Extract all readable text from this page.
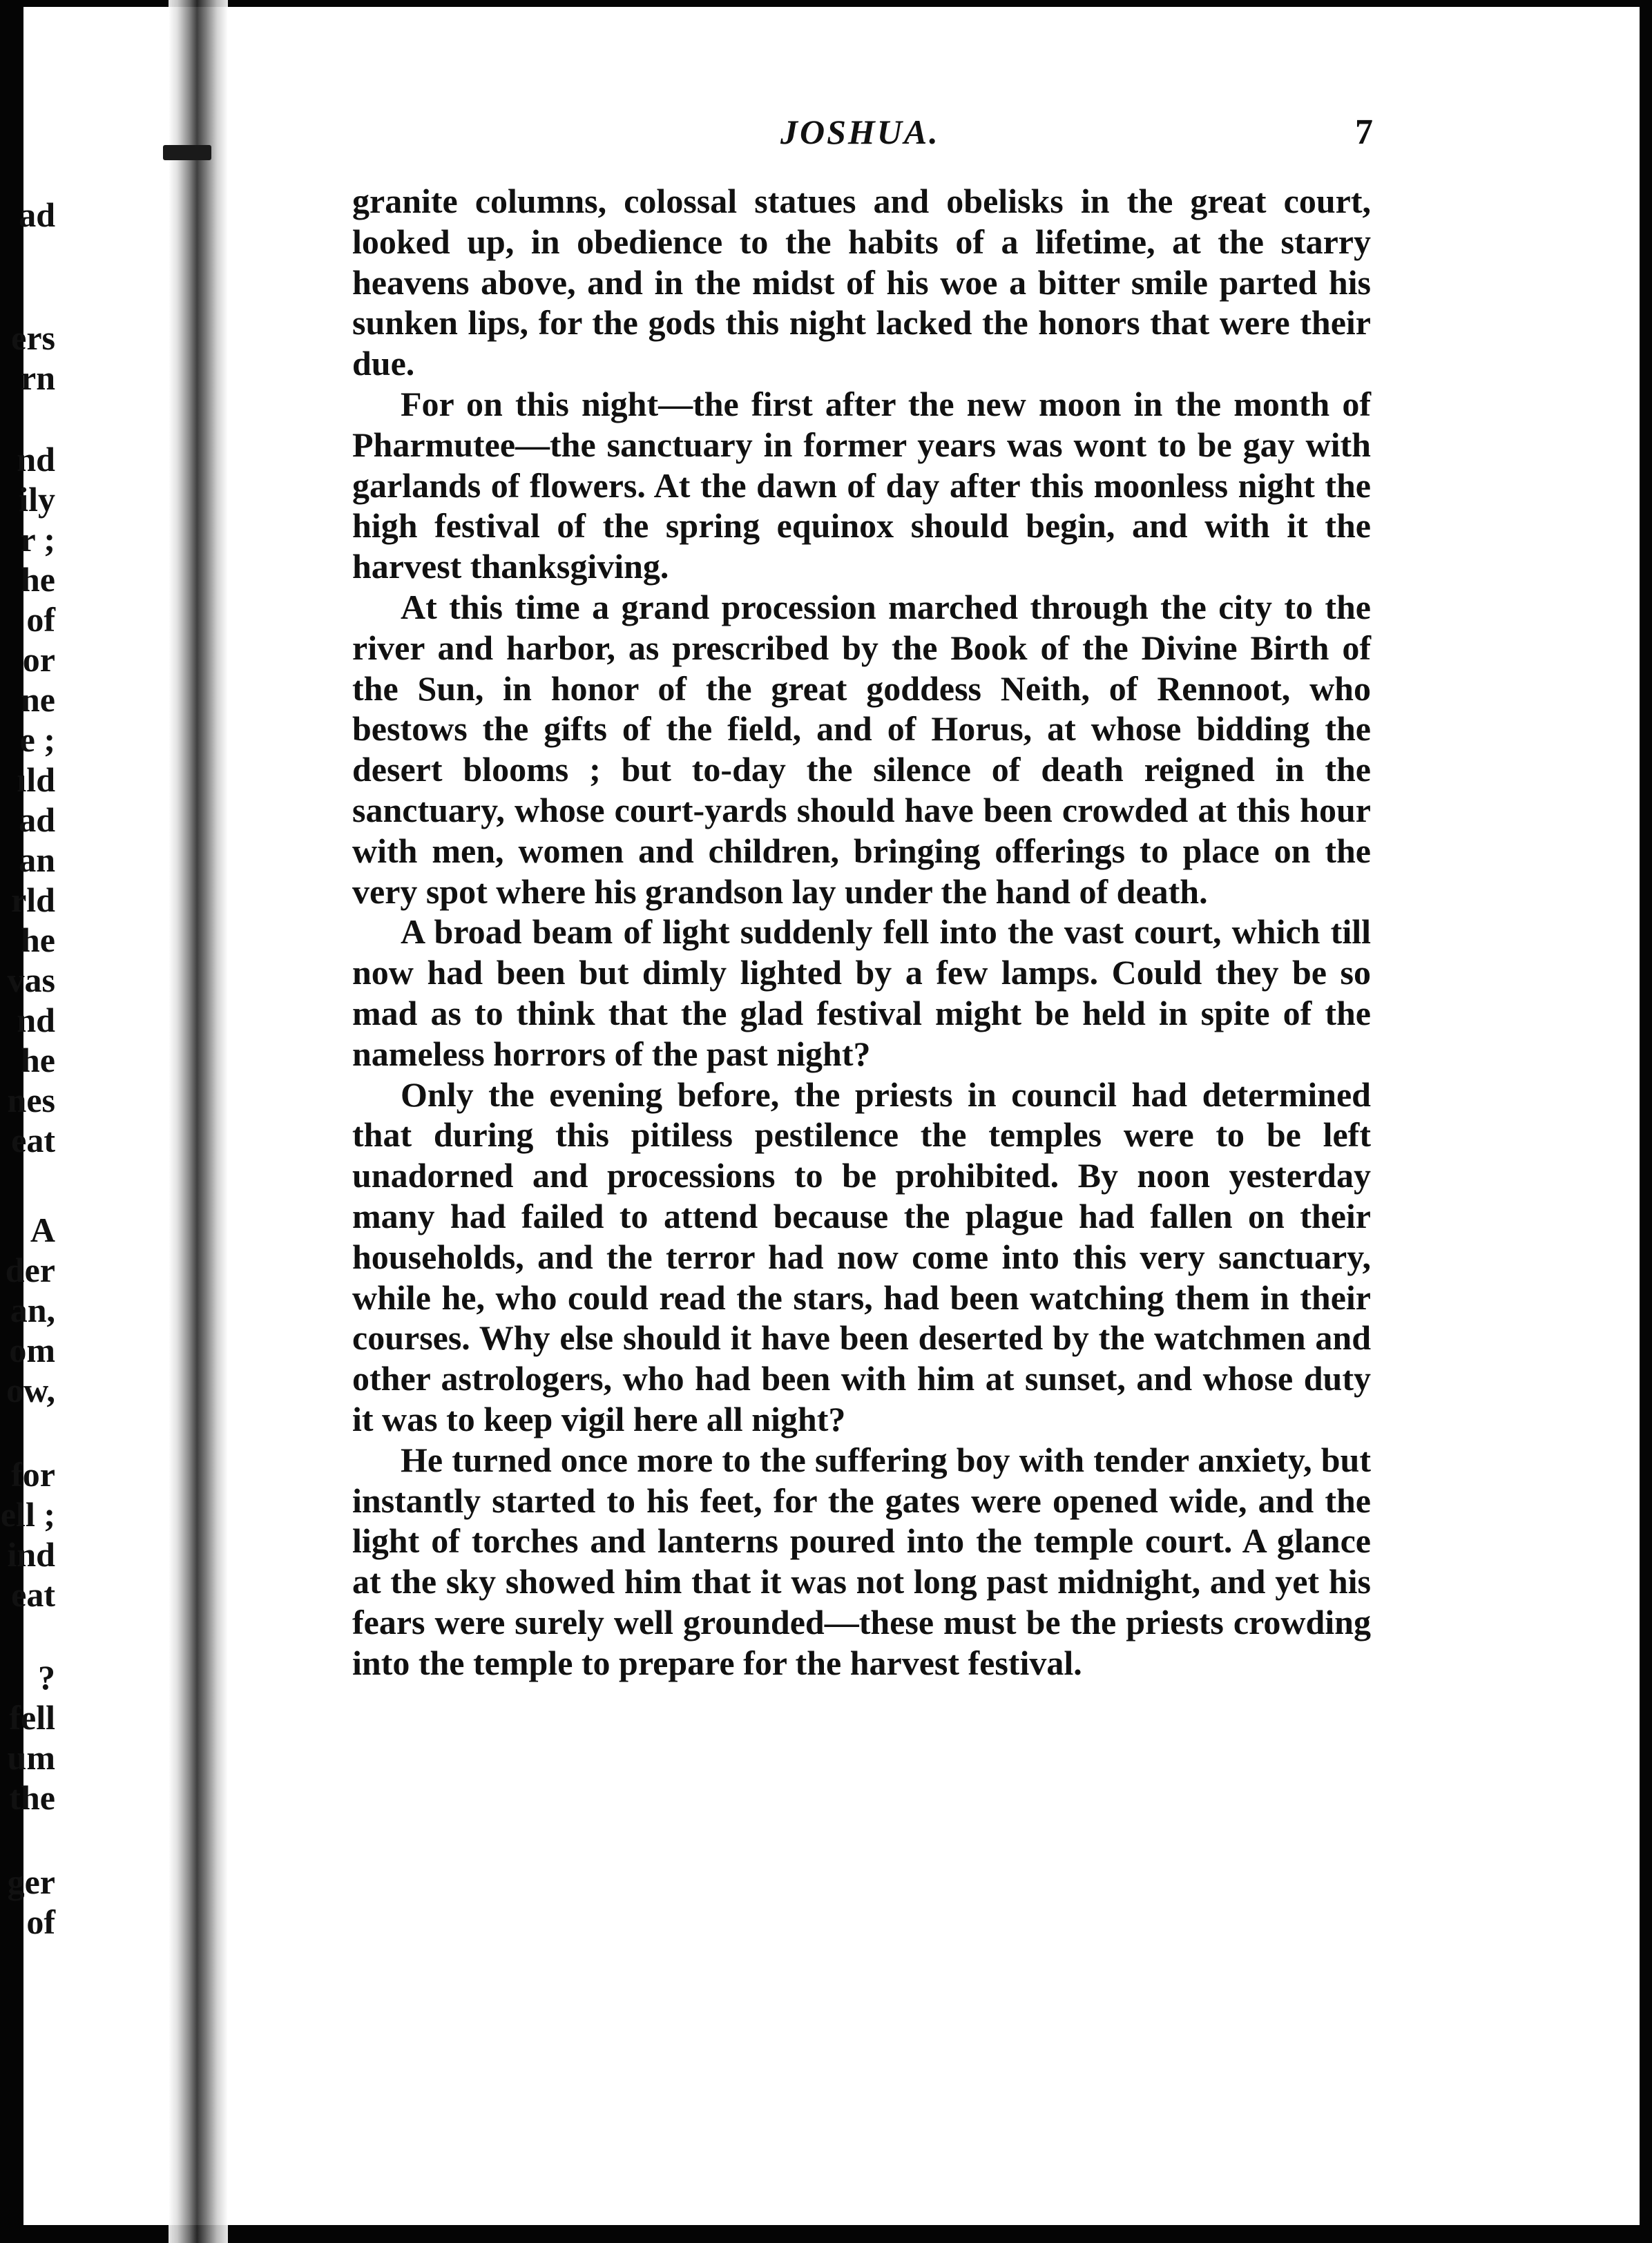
ad
ers
rn
nd
ily
r ;
he
of
or
ne
e ;
ıld
ad
an
rld
he
vas
nd
he
nes
eat
A
der
an,
om
ow,
for
ell ;
ind
eat
?
fell
um
the
ger
of
JOSHUA.	7

granite columns, colossal statues and obelisks in the great court, looked up, in obedience to the habits of a lifetime, at the starry heavens above, and in the midst of his woe a bitter smile parted his sunken lips, for the gods this night lacked the honors that were their due.

For on this night—the first after the new moon in the month of Pharmutee—the sanctuary in former years was wont to be gay with garlands of flowers. At the dawn of day after this moonless night the high festival of the spring equinox should begin, and with it the harvest thanksgiving.

At this time a grand procession marched through the city to the river and harbor, as prescribed by the Book of the Divine Birth of the Sun, in honor of the great goddess Neith, of Rennoot, who bestows the gifts of the field, and of Horus, at whose bidding the desert blooms ; but to-day the silence of death reigned in the sanctuary, whose court-yards should have been crowded at this hour with men, women and children, bringing offerings to place on the very spot where his grandson lay under the hand of death.

A broad beam of light suddenly fell into the vast court, which till now had been but dimly lighted by a few lamps. Could they be so mad as to think that the glad festival might be held in spite of the nameless horrors of the past night?

Only the evening before, the priests in council had determined that during this pitiless pestilence the temples were to be left unadorned and processions to be prohibited. By noon yesterday many had failed to attend because the plague had fallen on their households, and the terror had now come into this very sanctuary, while he, who could read the stars, had been watching them in their courses. Why else should it have been deserted by the watchmen and other astrologers, who had been with him at sunset, and whose duty it was to keep vigil here all night?

He turned once more to the suffering boy with tender anxiety, but instantly started to his feet, for the gates were opened wide, and the light of torches and lanterns poured into the temple court. A glance at the sky showed him that it was not long past midnight, and yet his fears were surely well grounded—these must be the priests crowding into the temple to prepare for the harvest festival.
